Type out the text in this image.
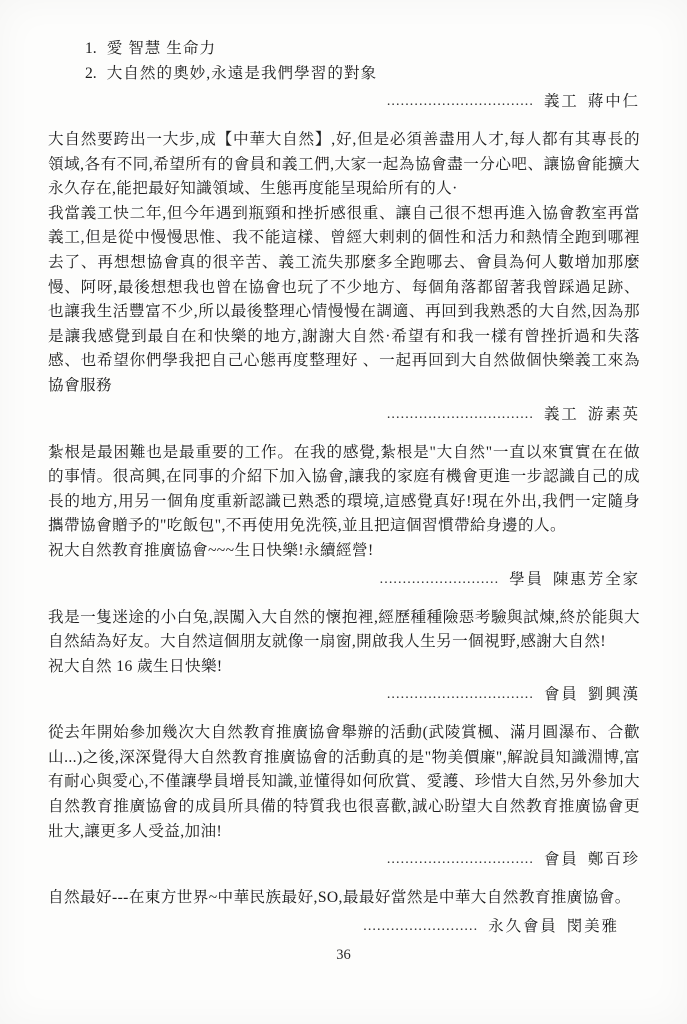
1. 愛 智慧 生命力
2. 大自然的奧妙,永遠是我們學習的對象
................................ 義工 蔣中仁

大自然要跨出一大步,成【中華大自然】,好,但是必須善盡用人才,每人都有其專長的領域,各有不同,希望所有的會員和義工們,大家一起為協會盡一分心吧、讓協會能擴大永久存在,能把最好知識領域、生態再度能呈現給所有的人·

我當義工快二年,但今年遇到瓶頸和挫折感很重、讓自己很不想再進入協會教室再當義工,但是從中慢慢思惟、我不能這樣、曾經大剌剌的個性和活力和熱情全跑到哪裡去了、再想想協會真的很辛苦、義工流失那麼多全跑哪去、會員為何人數增加那麼慢、阿呀,最後想想我也曾在協會也玩了不少地方、每個角落都留著我曾踩過足跡、也讓我生活豐富不少,所以最後整理心情慢慢在調適、再回到我熟悉的大自然,因為那是讓我感覺到最自在和快樂的地方,謝謝大自然·希望有和我一樣有曾挫折過和失落感、也希望你們學我把自己心態再度整理好 、一起再回到大自然做個快樂義工來為協會服務

................................ 義工 游素英

紮根是最困難也是最重要的工作。在我的感覺,紮根是"大自然"一直以來實實在在做的事情。很高興,在同事的介紹下加入協會,讓我的家庭有機會更進一步認識自己的成長的地方,用另一個角度重新認識已熟悉的環境,這感覺真好!現在外出,我們一定隨身攜帶協會贈予的"吃飯包",不再使用免洗筷,並且把這個習慣帶給身邊的人。

祝大自然教育推廣協會~~~生日快樂!永續經營!

.......................... 學員 陳惠芳全家

我是一隻迷途的小白兔,誤闖入大自然的懷抱裡,經歷種種險惡考驗與試煉,終於能與大自然結為好友。大自然這個朋友就像一扇窗,開啟我人生另一個視野,感謝大自然!

祝大自然 16 歲生日快樂!

................................ 會員 劉興漢

從去年開始參加幾次大自然教育推廣協會舉辦的活動(武陵賞楓、滿月圓瀑布、合歡山...)之後,深深覺得大自然教育推廣協會的活動真的是"物美價廉",解說員知識淵博,富有耐心與愛心,不僅讓學員增長知識,並懂得如何欣賞、愛護、珍惜大自然,另外參加大自然教育推廣協會的成員所具備的特質我也很喜歡,誠心盼望大自然教育推廣協會更壯大,讓更多人受益,加油!

................................ 會員 鄭百珍

自然最好---在東方世界~中華民族最好,SO,最最好當然是中華大自然教育推廣協會。

......................... 永久會員 閔美雅
36
